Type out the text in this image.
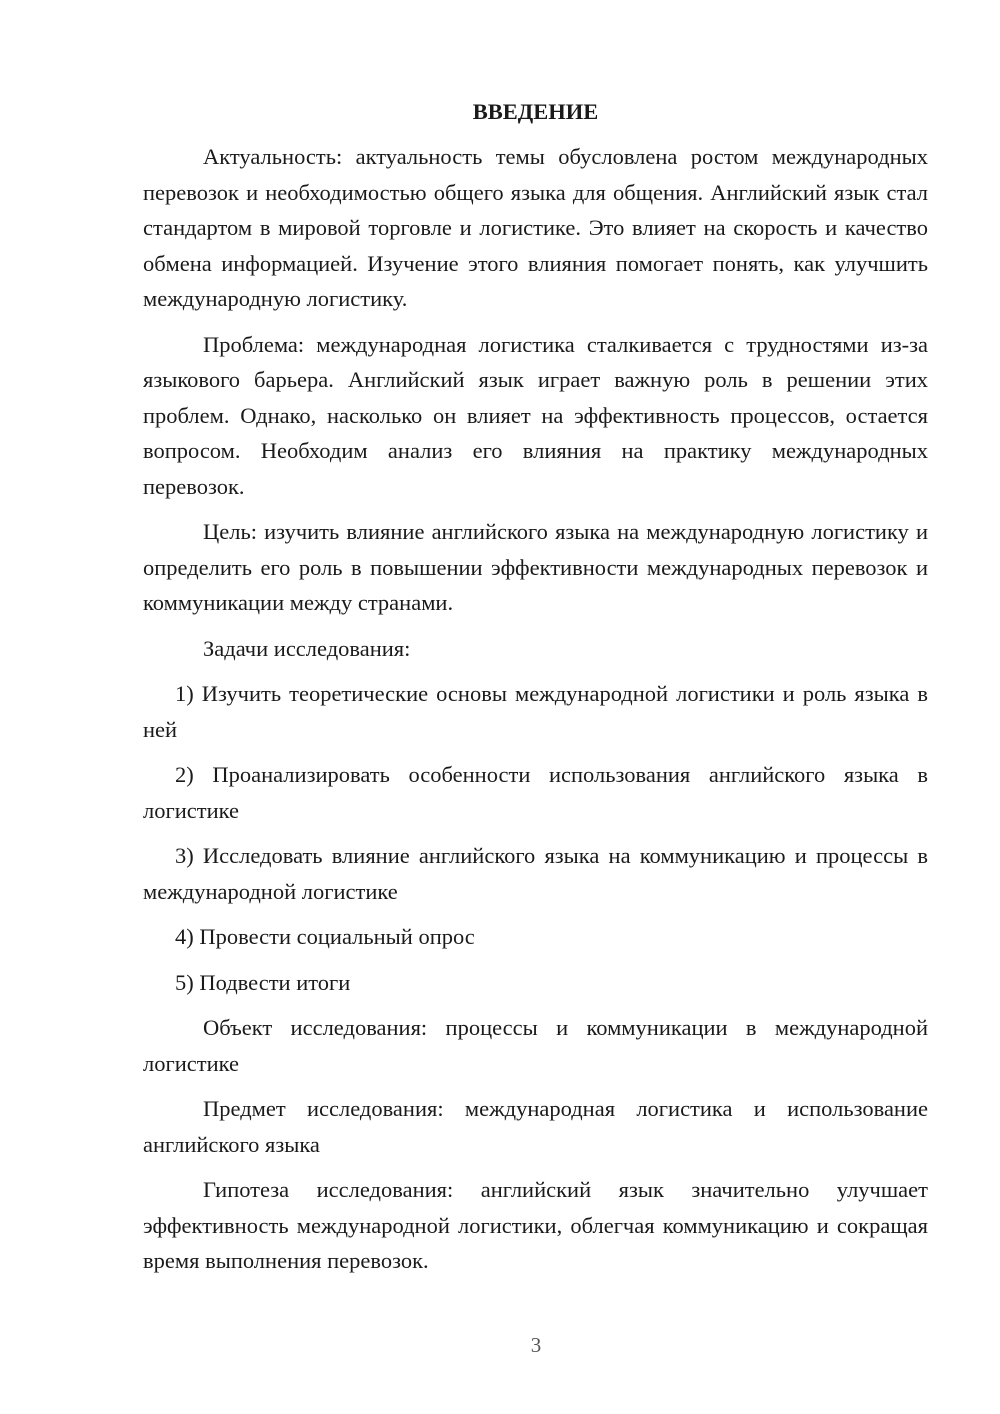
ВВЕДЕНИЕ

Актуальность: актуальность темы обусловлена ростом международных перевозок и необходимостью общего языка для общения. Английский язык стал стандартом в мировой торговле и логистике. Это влияет на скорость и качество обмена информацией. Изучение этого влияния помогает понять, как улучшить международную логистику.

Проблема: международная логистика сталкивается с трудностями из-за языкового барьера. Английский язык играет важную роль в решении этих проблем. Однако, насколько он влияет на эффективность процессов, остается вопросом. Необходим анализ его влияния на практику международных перевозок.

Цель: изучить влияние английского языка на международную логистику и определить его роль в повышении эффективности международных перевозок и коммуникации между странами.

Задачи исследования:

1) Изучить теоретические основы международной логистики и роль языка в ней

2) Проанализировать особенности использования английского языка в логистике

3) Исследовать влияние английского языка на коммуникацию и процессы в международной логистике

4) Провести социальный опрос

5) Подвести итоги

Объект исследования: процессы и коммуникации в международной логистике

Предмет исследования: международная логистика и использование английского языка

Гипотеза исследования: английский язык значительно улучшает эффективность международной логистики, облегчая коммуникацию и сокращая время выполнения перевозок.

3
